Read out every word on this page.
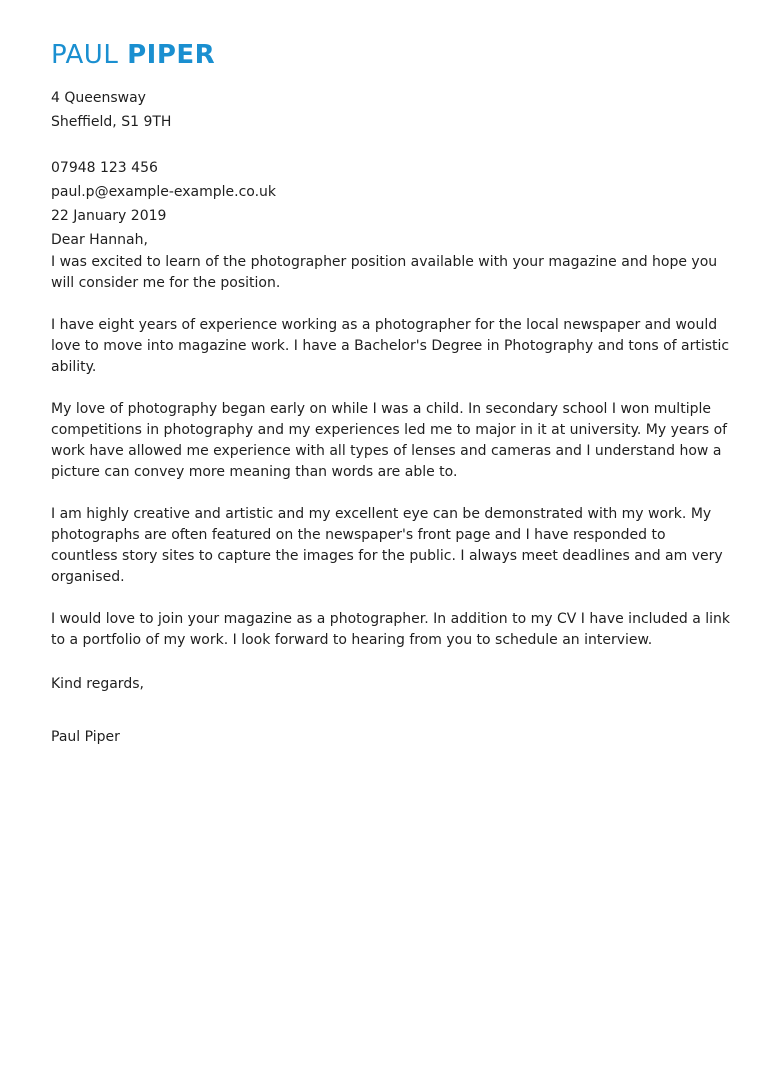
PAUL PIPER
4 Queensway
Sheffield, S1 9TH
07948 123 456
paul.p@example-example.co.uk
22 January 2019
Dear Hannah,

I was excited to learn of the photographer position available with your magazine and hope you will consider me for the position.

I have eight years of experience working as a photographer for the local newspaper and would love to move into magazine work. I have a Bachelor's Degree in Photography and tons of artistic ability.

My love of photography began early on while I was a child. In secondary school I won multiple competitions in photography and my experiences led me to major in it at university. My years of work have allowed me experience with all types of lenses and cameras and I understand how a picture can convey more meaning than words are able to.

I am highly creative and artistic and my excellent eye can be demonstrated with my work. My photographs are often featured on the newspaper's front page and I have responded to countless story sites to capture the images for the public. I always meet deadlines and am very organised.

I would love to join your magazine as a photographer. In addition to my CV I have included a link to a portfolio of my work. I look forward to hearing from you to schedule an interview.

Kind regards,
Paul Piper
